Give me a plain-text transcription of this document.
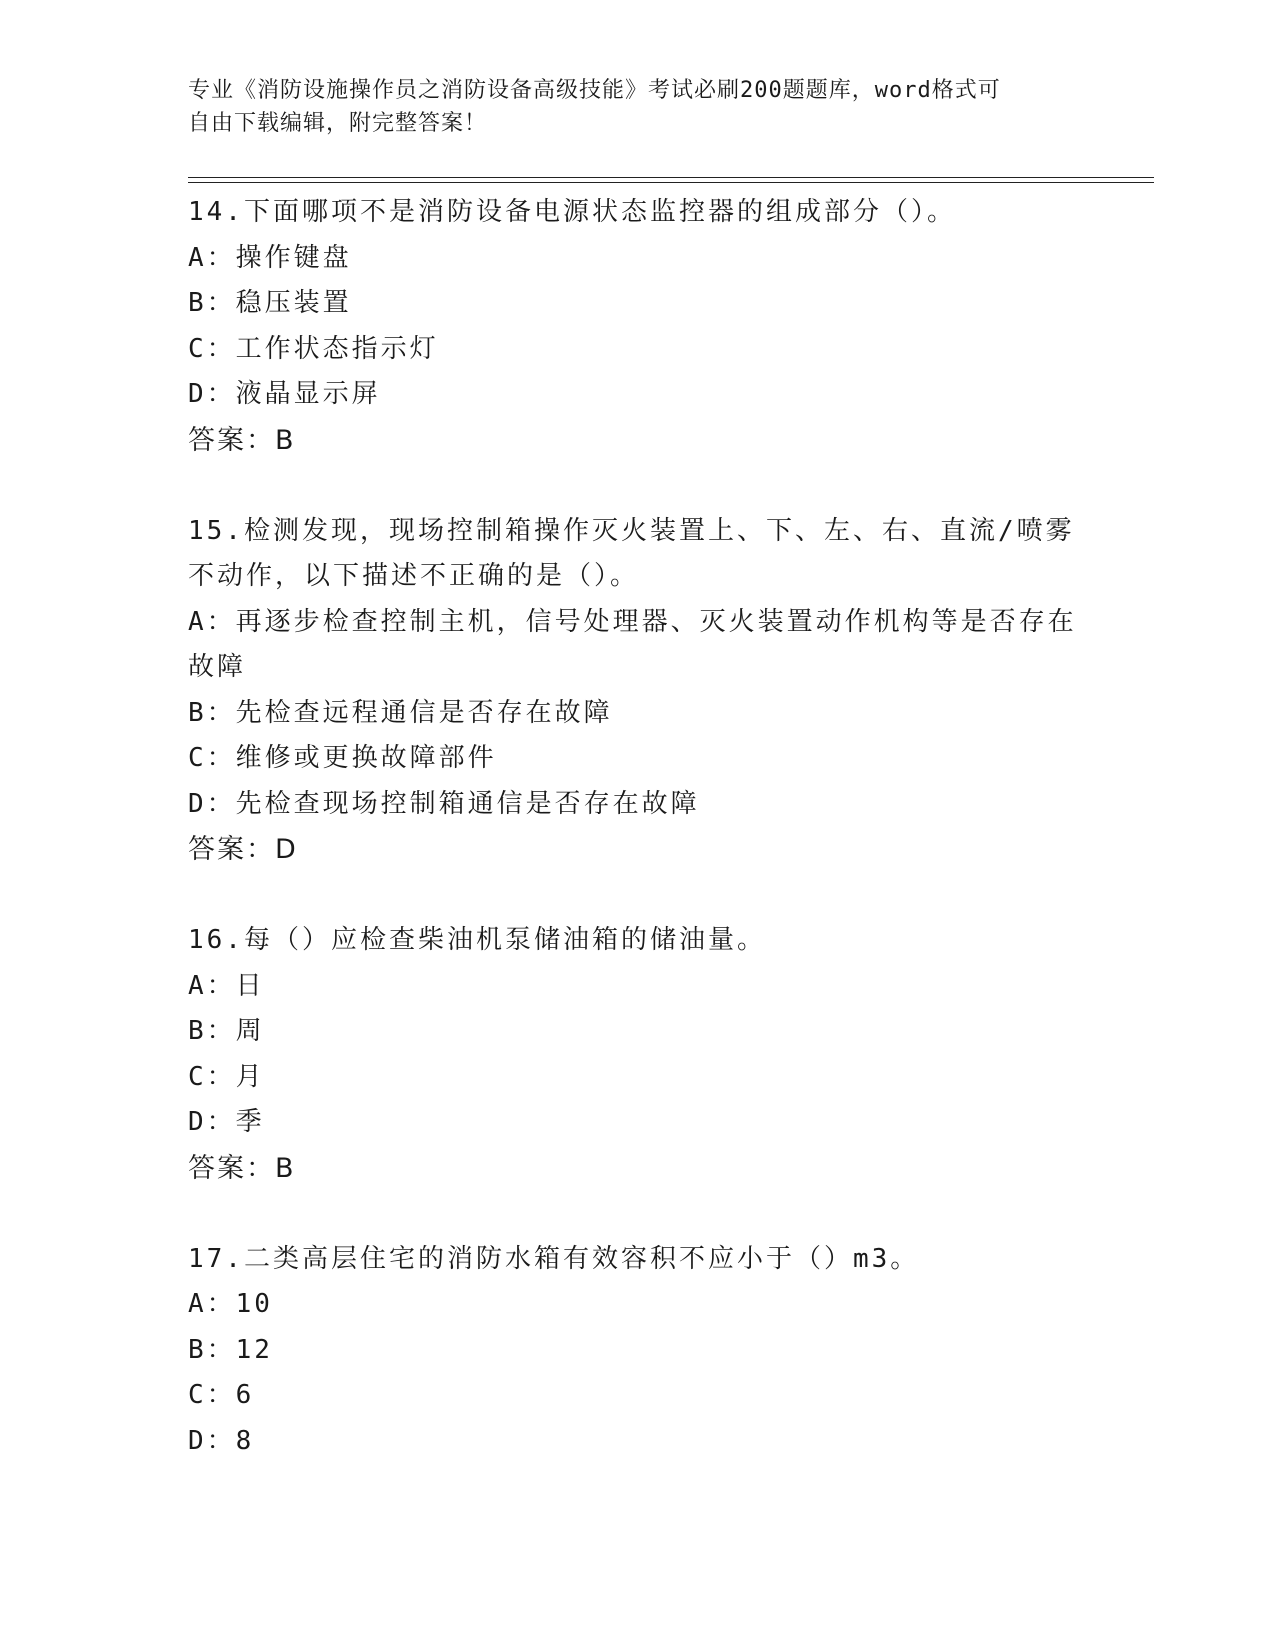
专业《消防设施操作员之消防设备高级技能》考试必刷200题题库，word格式可
自由下载编辑，附完整答案！
14.下面哪项不是消防设备电源状态监控器的组成部分（）。
A：操作键盘
B：稳压装置
C：工作状态指示灯
D：液晶显示屏
答案：B
15.检测发现，现场控制箱操作灭火装置上、下、左、右、直流/喷雾
不动作，以下描述不正确的是（）。
A：再逐步检查控制主机，信号处理器、灭火装置动作机构等是否存在
故障
B：先检查远程通信是否存在故障
C：维修或更换故障部件
D：先检查现场控制箱通信是否存在故障
答案：D
16.每（）应检查柴油机泵储油箱的储油量。
A：日
B：周
C：月
D：季
答案：B
17.二类高层住宅的消防水箱有效容积不应小于（）m3。
A：10
B：12
C：6
D：8
